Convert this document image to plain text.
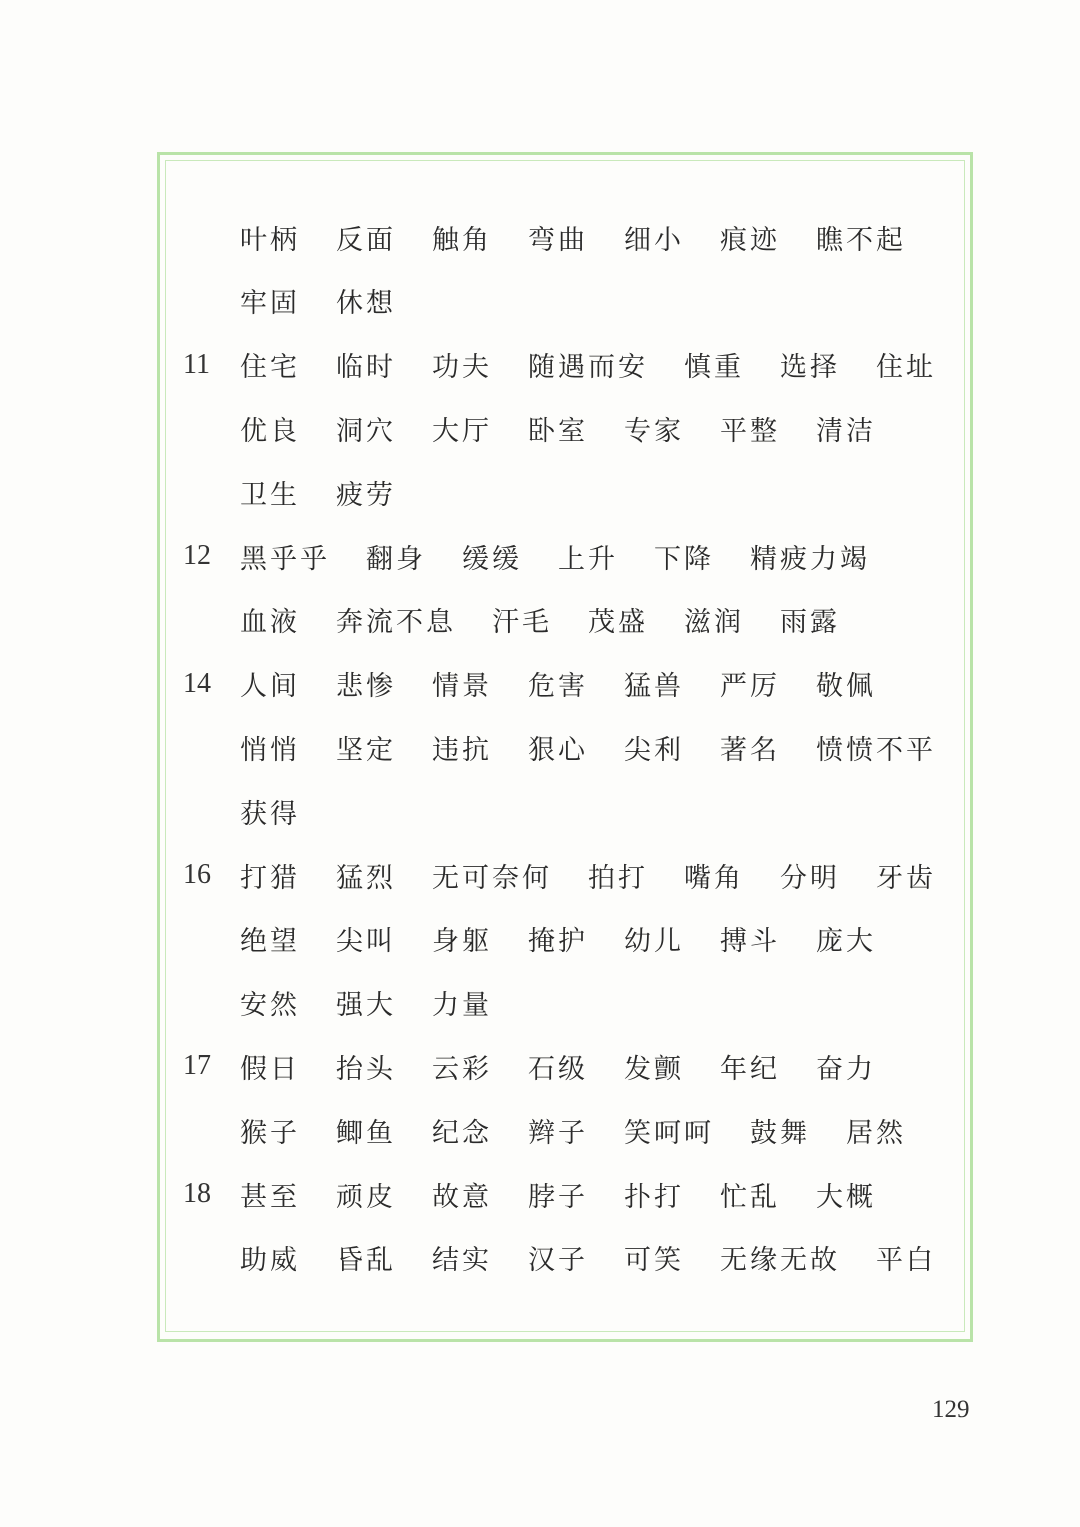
叶柄 反面 触角 弯曲 细小 痕迹 瞧不起
牢固 休想
11	住宅 临时 功夫 随遇而安 慎重 选择 住址
优良 洞穴 大厅 卧室 专家 平整 清洁
卫生 疲劳
12	黑乎乎 翻身 缓缓 上升 下降 精疲力竭
血液 奔流不息 汗毛 茂盛 滋润 雨露
14	人间 悲惨 情景 危害 猛兽 严厉 敬佩
悄悄 坚定 违抗 狠心 尖利 著名 愤愤不平
获得
16	打猎 猛烈 无可奈何 拍打 嘴角 分明 牙齿
绝望 尖叫 身躯 掩护 幼儿 搏斗 庞大
安然 强大 力量
17	假日 抬头 云彩 石级 发颤 年纪 奋力
猴子 鲫鱼 纪念 辫子 笑呵呵 鼓舞 居然
18	甚至 顽皮 故意 脖子 扑打 忙乱 大概
助威 昏乱 结实 汉子 可笑 无缘无故 平白
129
